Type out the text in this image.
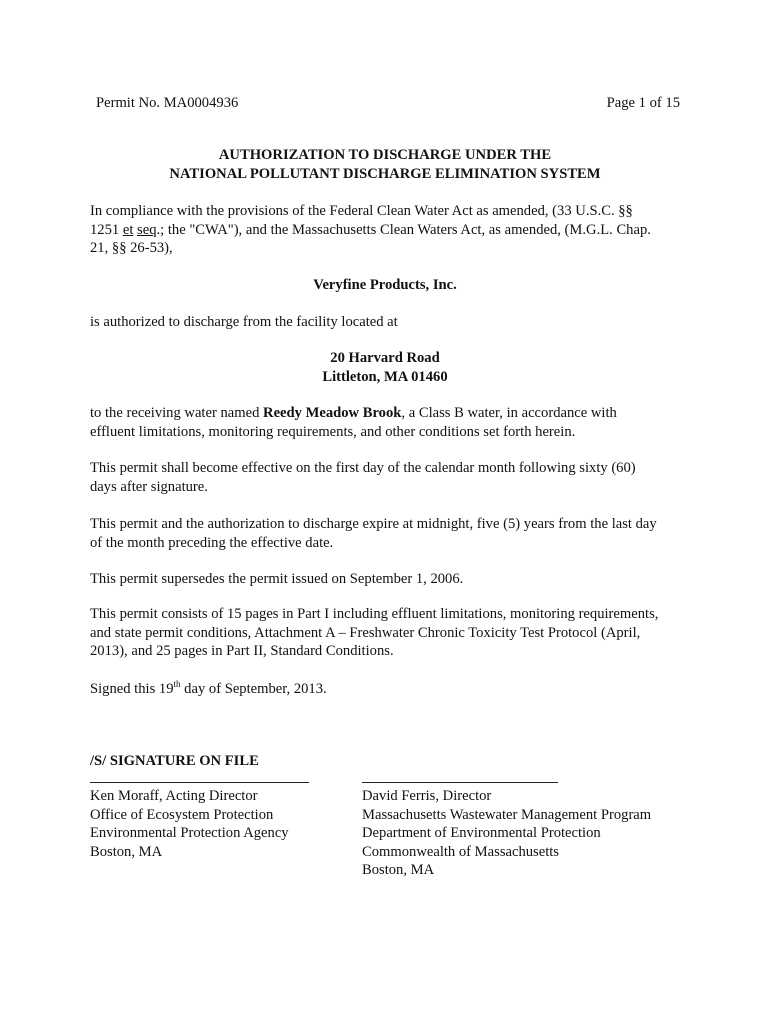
Permit No. MA0004936	Page 1 of 15
AUTHORIZATION TO DISCHARGE UNDER THE
NATIONAL POLLUTANT DISCHARGE ELIMINATION SYSTEM
In compliance with the provisions of the Federal Clean Water Act as amended, (33 U.S.C. §§
1251 et seq.; the "CWA"), and the Massachusetts Clean Waters Act, as amended, (M.G.L. Chap.
21, §§ 26-53),
Veryfine Products, Inc.
is authorized to discharge from the facility located at
20 Harvard Road
Littleton, MA 01460
to the receiving water named Reedy Meadow Brook, a Class B water, in accordance with
effluent limitations, monitoring requirements, and other conditions set forth herein.
This permit shall become effective on the first day of the calendar month following sixty (60)
days after signature.
This permit and the authorization to discharge expire at midnight, five (5) years from the last day
of the month preceding the effective date.
This permit supersedes the permit issued on September 1, 2006.
This permit consists of 15 pages in Part I including effluent limitations, monitoring requirements,
and state permit conditions, Attachment A – Freshwater Chronic Toxicity Test Protocol (April,
2013), and 25 pages in Part II, Standard Conditions.
Signed this 19th day of September, 2013.
/S/ SIGNATURE ON FILE
Ken Moraff, Acting Director
Office of Ecosystem Protection
Environmental Protection Agency
Boston, MA
David Ferris, Director
Massachusetts Wastewater Management Program
Department of Environmental Protection
Commonwealth of Massachusetts
Boston, MA
